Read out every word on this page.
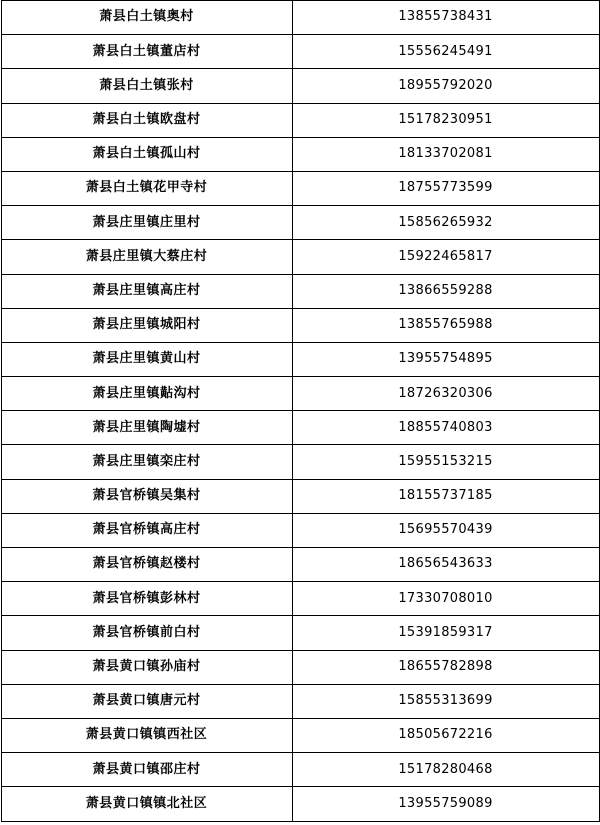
萧县白土镇奥村	13855738431
萧县白土镇董店村	15556245491
萧县白土镇张村	18955792020
萧县白土镇欧盘村	15178230951
萧县白土镇孤山村	18133702081
萧县白土镇花甲寺村	18755773599
萧县庄里镇庄里村	15856265932
萧县庄里镇大蔡庄村	15922465817
萧县庄里镇高庄村	13866559288
萧县庄里镇城阳村	13855765988
萧县庄里镇黄山村	13955754895
萧县庄里镇黇沟村	18726320306
萧县庄里镇陶墟村	18855740803
萧县庄里镇栾庄村	15955153215
萧县官桥镇吴集村	18155737185
萧县官桥镇高庄村	15695570439
萧县官桥镇赵楼村	18656543633
萧县官桥镇彭林村	17330708010
萧县官桥镇前白村	15391859317
萧县黄口镇孙庙村	18655782898
萧县黄口镇唐元村	15855313699
萧县黄口镇镇西社区	18505672216
萧县黄口镇邵庄村	15178280468
萧县黄口镇镇北社区	13955759089
